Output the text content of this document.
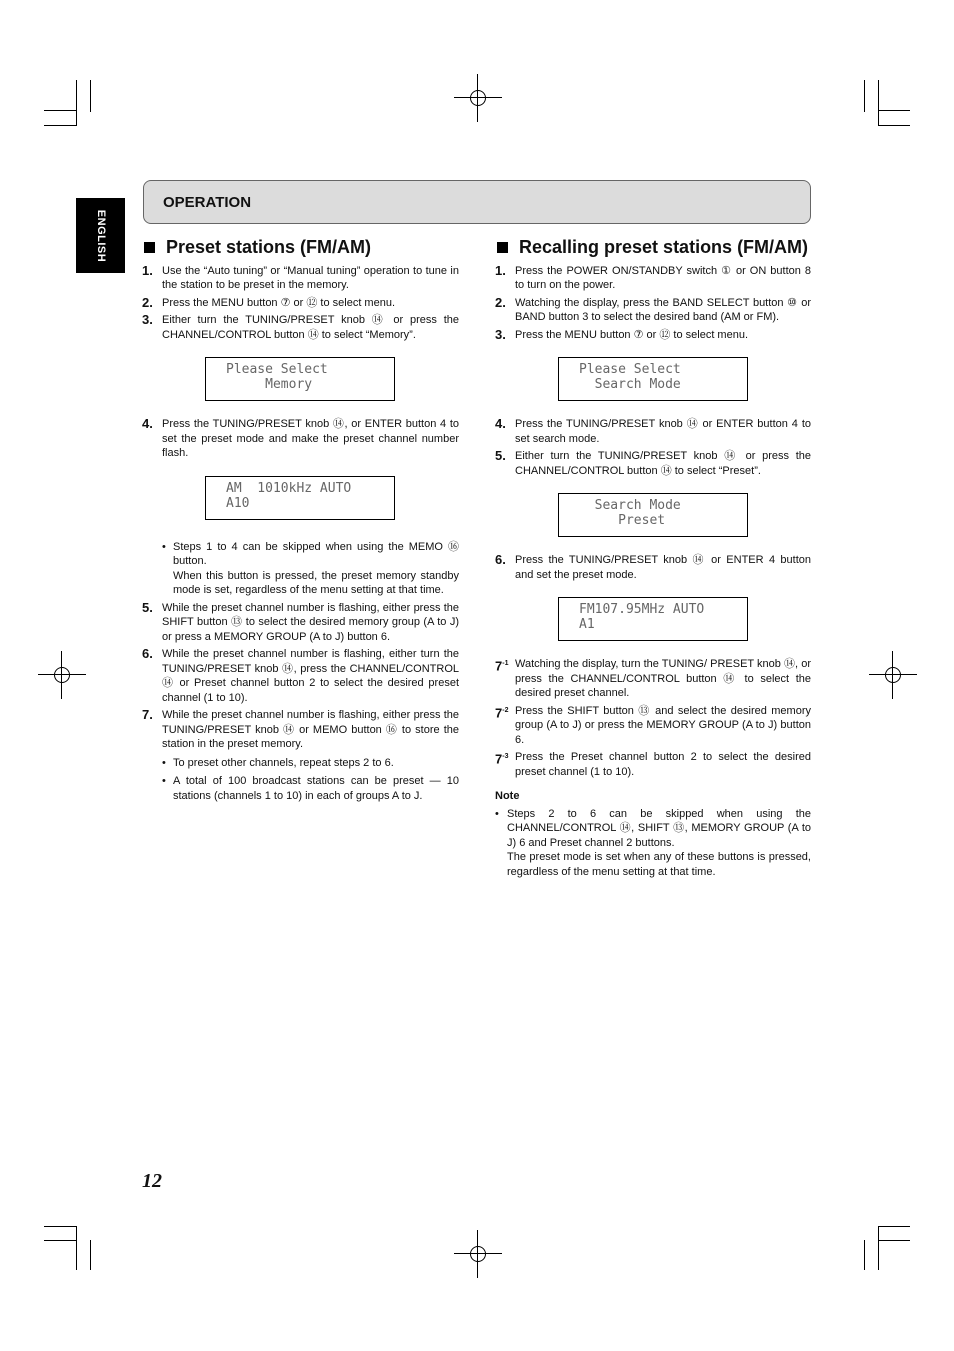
ENGLISH
OPERATION
Preset stations (FM/AM)
1. Use the “Auto tuning” or “Manual tuning” operation to tune in the station to be preset in the memory.
2. Press the MENU button ⑦ or ⑫ to select menu.
3. Either turn the TUNING/PRESET knob ⑭ or press the CHANNEL/CONTROL button ⑭ to select “Memory”.
Please Select
Memory
4. Press the TUNING/PRESET knob ⑭, or ENTER button 4 to set the preset mode and make the preset channel number flash.
AM  1010kHz AUTO
A10
• Steps 1 to 4 can be skipped when using the MEMO ⑯ button.
When this button is pressed, the preset memory standby mode is set, regardless of the menu setting at that time.
5. While the preset channel number is flashing, either press the SHIFT button ⑬ to select the desired memory group (A to J) or press a MEMORY GROUP (A to J) button 6.
6. While the preset channel number is flashing, either turn the TUNING/PRESET knob ⑭, press the CHANNEL/CONTROL ⑭ or Preset channel button 2 to select the desired preset channel (1 to 10).
7. While the preset channel number is flashing, either press the TUNING/PRESET knob ⑭ or MEMO button ⑯ to store the station in the preset memory.
• To preset other channels, repeat steps 2 to 6.
• A total of 100 broadcast stations can be preset — 10 stations (channels 1 to 10) in each of groups A to J.
Recalling preset stations (FM/AM)
1. Press the POWER ON/STANDBY switch ① or ON button 8 to turn on the power.
2. Watching the display, press the BAND SELECT button ⑩ or BAND button 3 to select the desired band (AM or FM).
3. Press the MENU button ⑦ or ⑫ to select menu.
Please Select
Search Mode
4. Press the TUNING/PRESET knob ⑭ or ENTER button 4 to set search mode.
5. Either turn the TUNING/PRESET knob ⑭ or press the CHANNEL/CONTROL button ⑭ to select “Preset”.
Search Mode
Preset
6. Press the TUNING/PRESET knob ⑭ or ENTER 4 button and set the preset mode.
FM107.95MHz AUTO
A1
$7^{-1}$ Watching the display, turn the TUNING/ PRESET knob ⑭, or press the CHANNEL/CONTROL button ⑭ to select the desired preset channel.
$7^{-2}$ Press the SHIFT button ⑬ and select the desired memory group (A to J) or press the MEMORY GROUP (A to J) button 6.
$7^{-3}$ Press the Preset channel button 2 to select the desired preset channel (1 to 10).
Note
• Steps 2 to 6 can be skipped when using the CHANNEL/CONTROL ⑭, SHIFT ⑬, MEMORY GROUP (A to J) 6 and Preset channel 2 buttons.
The preset mode is set when any of these buttons is pressed, regardless of the menu setting at that time.
12
